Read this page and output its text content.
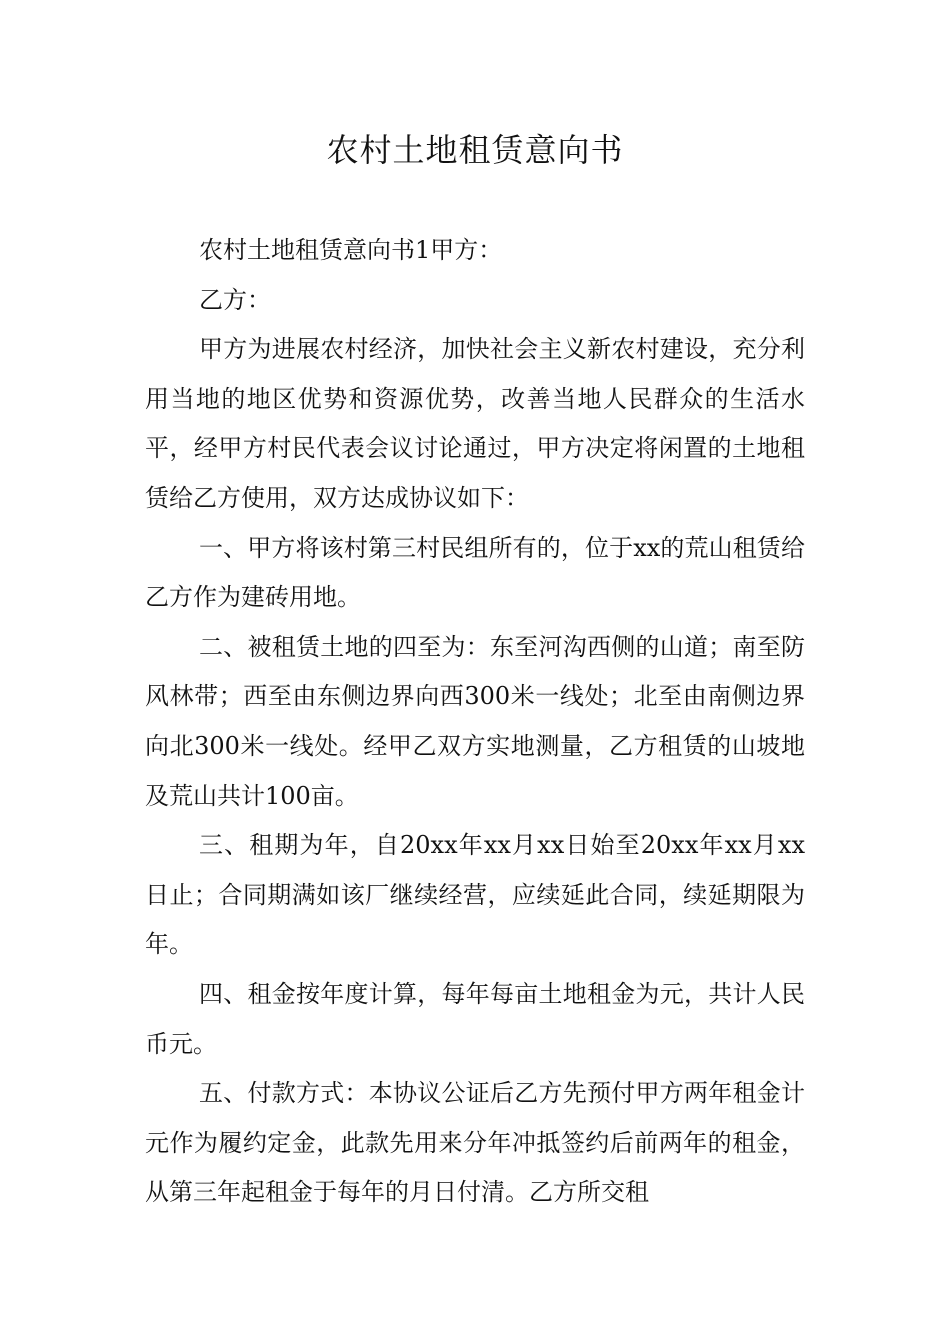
农村土地租赁意向书

农村土地租赁意向书1甲方：

乙方：

甲方为进展农村经济，加快社会主义新农村建设，充分利用当地的地区优势和资源优势，改善当地人民群众的生活水平，经甲方村民代表会议讨论通过，甲方决定将闲置的土地租赁给乙方使用，双方达成协议如下：

一、甲方将该村第三村民组所有的，位于xx的荒山租赁给乙方作为建砖用地。

二、被租赁土地的四至为：东至河沟西侧的山道；南至防风林带；西至由东侧边界向西300米一线处；北至由南侧边界向北300米一线处。经甲乙双方实地测量，乙方租赁的山坡地及荒山共计100亩。

三、租期为年，自20xx年xx月xx日始至20xx年xx月xx日止；合同期满如该厂继续经营，应续延此合同，续延期限为年。

四、租金按年度计算，每年每亩土地租金为元，共计人民币元。

五、付款方式：本协议公证后乙方先预付甲方两年租金计元作为履约定金，此款先用来分年冲抵签约后前两年的租金，从第三年起租金于每年的月日付清。乙方所交租
